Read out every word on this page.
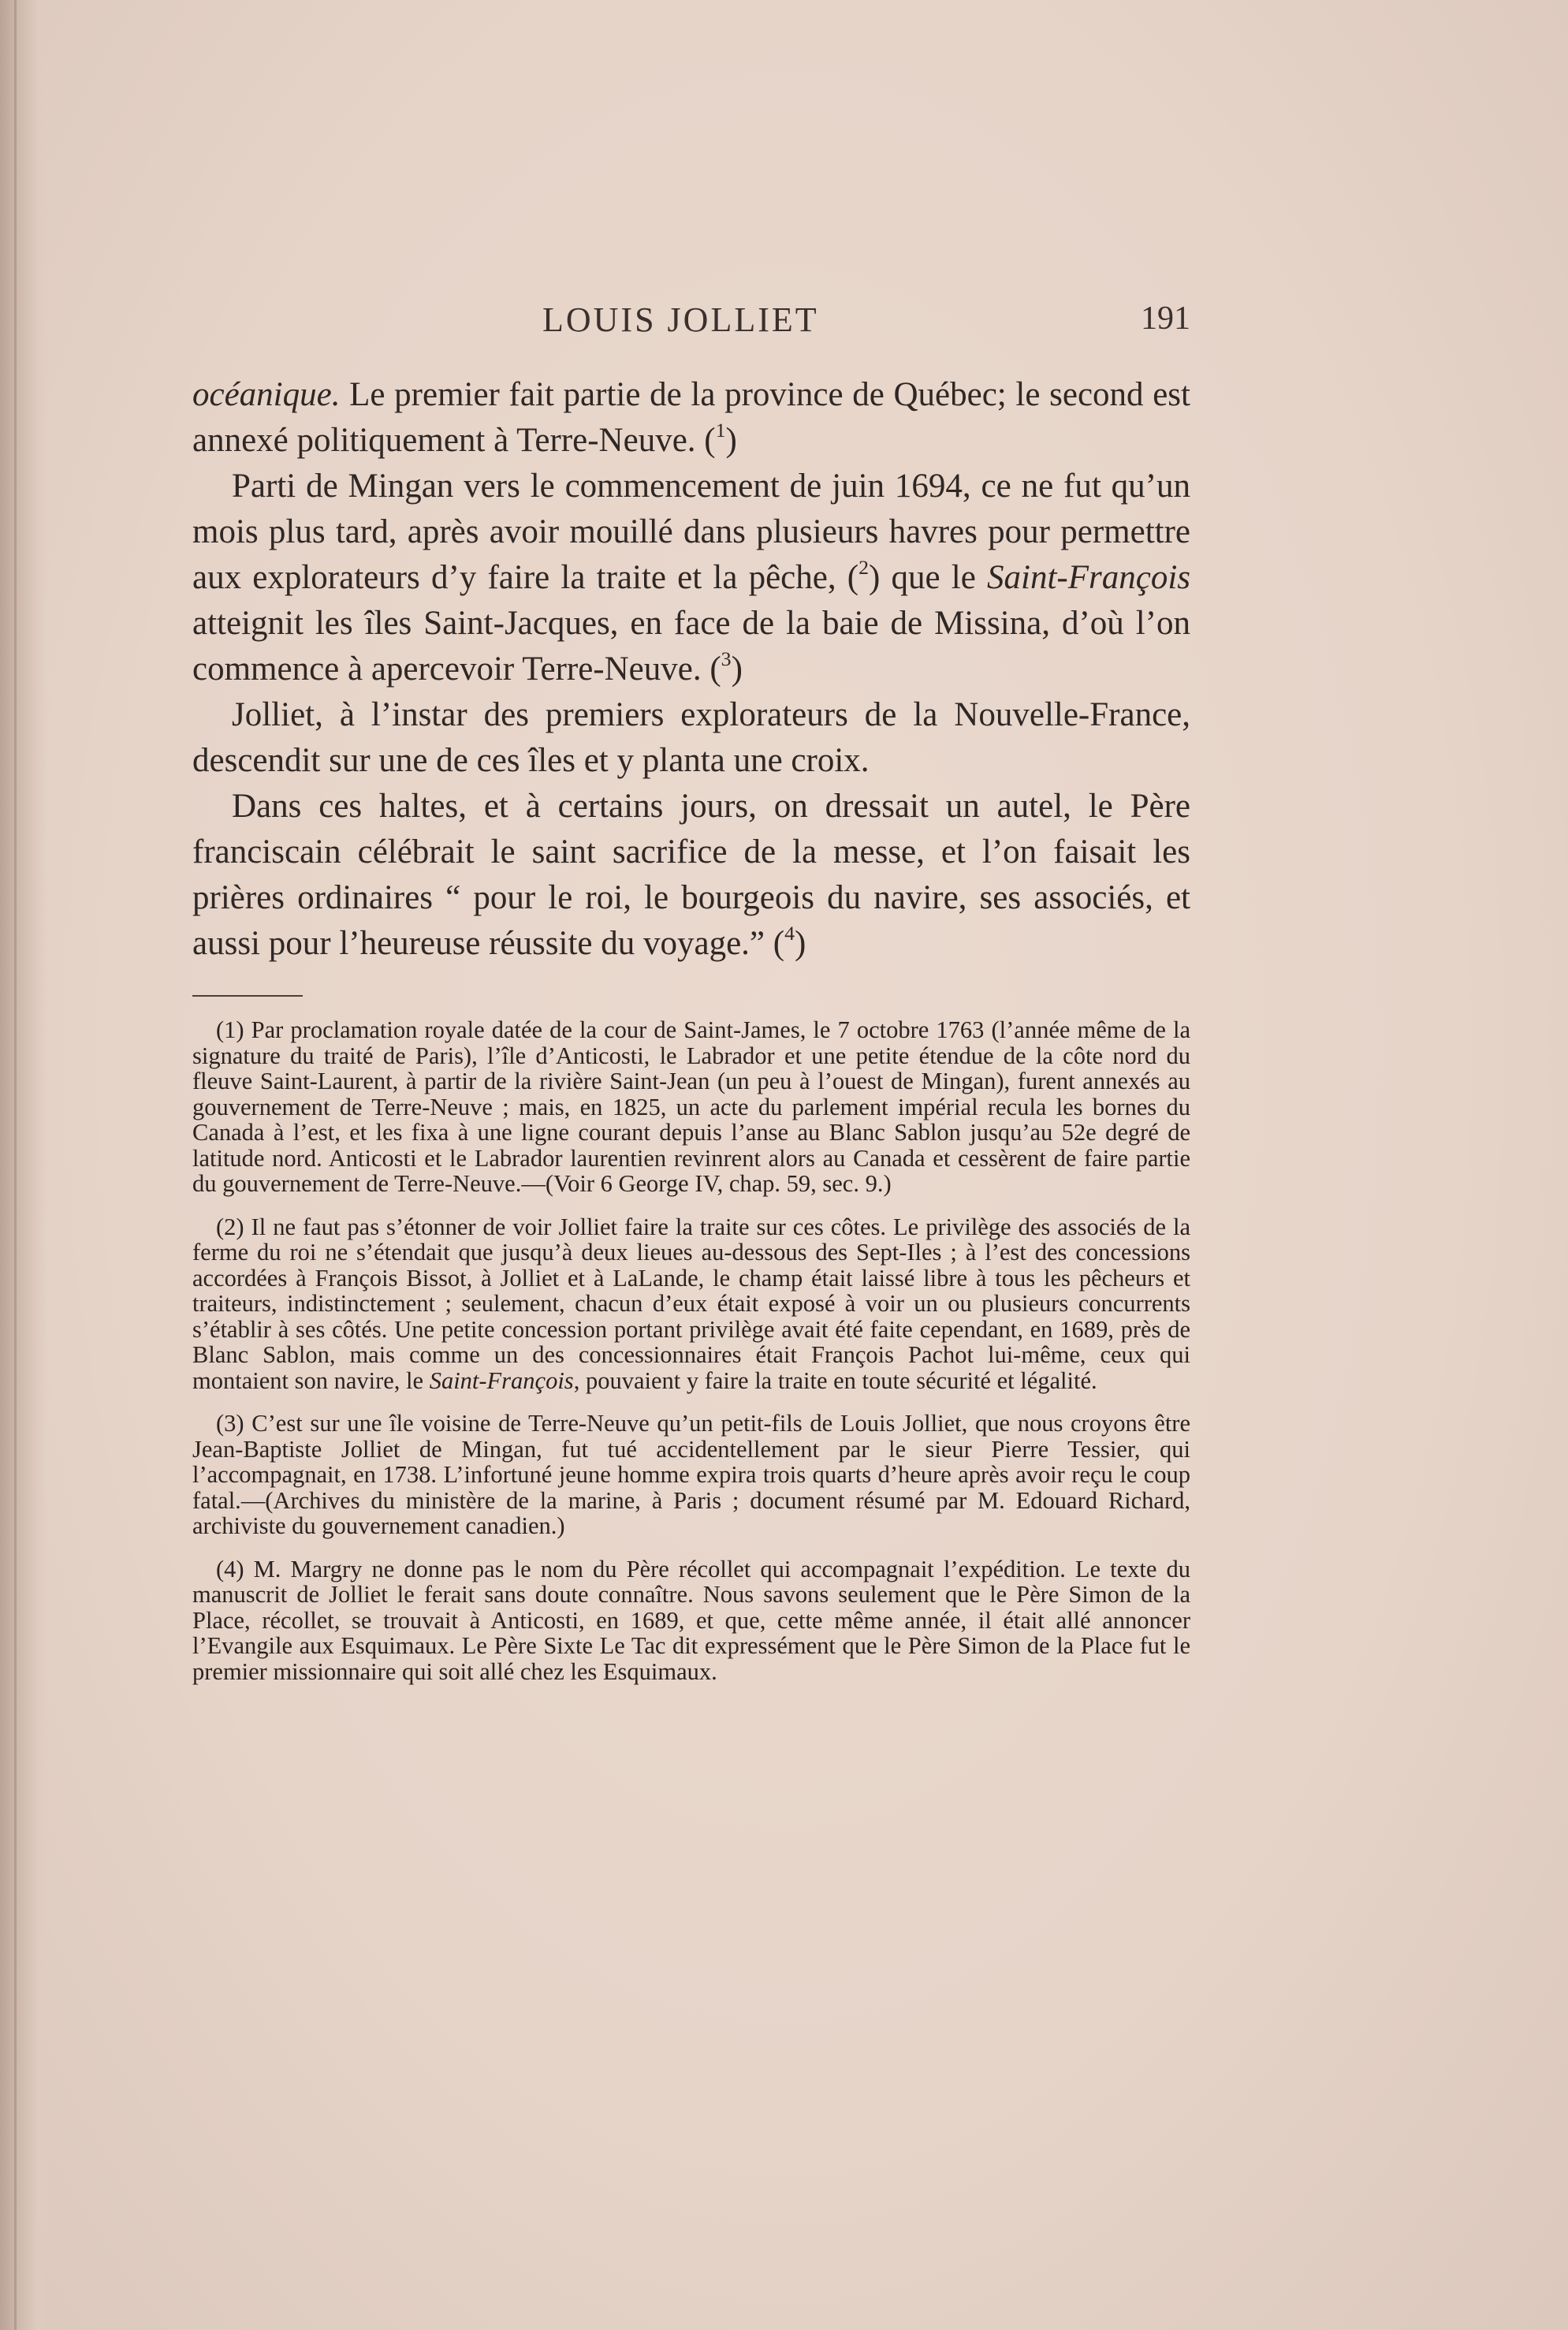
LOUIS JOLLIET	191

océanique. Le premier fait partie de la province de Québec; le second est annexé politiquement à Terre-Neuve. ($^1$)

Parti de Mingan vers le commencement de juin 1694, ce ne fut qu’un mois plus tard, après avoir mouillé dans plusieurs havres pour permettre aux explorateurs d’y faire la traite et la pêche, ($^2$) que le Saint-François atteignit les îles Saint-Jacques, en face de la baie de Missina, d’où l’on commence à apercevoir Terre-Neuve. ($^3$)

Jolliet, à l’instar des premiers explorateurs de la Nouvelle-France, descendit sur une de ces îles et y planta une croix.

Dans ces haltes, et à certains jours, on dressait un autel, le Père franciscain célébrait le saint sacrifice de la messe, et l’on faisait les prières ordinaires “ pour le roi, le bourgeois du navire, ses associés, et aussi pour l’heureuse réussite du voyage.” ($^4$)

(1) Par proclamation royale datée de la cour de Saint-James, le 7 octobre 1763 (l’année même de la signature du traité de Paris), l’île d’Anticosti, le Labrador et une petite étendue de la côte nord du fleuve Saint-Laurent, à partir de la rivière Saint-Jean (un peu à l’ouest de Mingan), furent annexés au gouvernement de Terre-Neuve ; mais, en 1825, un acte du parlement impérial recula les bornes du Canada à l’est, et les fixa à une ligne courant depuis l’anse au Blanc Sablon jusqu’au 52e degré de latitude nord. Anticosti et le Labrador laurentien revinrent alors au Canada et cessèrent de faire partie du gouvernement de Terre-Neuve.—(Voir 6 George IV, chap. 59, sec. 9.)

(2) Il ne faut pas s’étonner de voir Jolliet faire la traite sur ces côtes. Le privilège des associés de la ferme du roi ne s’étendait que jusqu’à deux lieues au-dessous des Sept-Iles ; à l’est des concessions accordées à François Bissot, à Jolliet et à LaLande, le champ était laissé libre à tous les pêcheurs et traiteurs, indistinctement ; seulement, chacun d’eux était exposé à voir un ou plusieurs concurrents s’établir à ses côtés. Une petite concession portant privilège avait été faite cependant, en 1689, près de Blanc Sablon, mais comme un des concessionnaires était François Pachot lui-même, ceux qui montaient son navire, le Saint-François, pouvaient y faire la traite en toute sécurité et légalité.

(3) C’est sur une île voisine de Terre-Neuve qu’un petit-fils de Louis Jolliet, que nous croyons être Jean-Baptiste Jolliet de Mingan, fut tué accidentellement par le sieur Pierre Tessier, qui l’accompagnait, en 1738. L’infortuné jeune homme expira trois quarts d’heure après avoir reçu le coup fatal.—(Archives du ministère de la marine, à Paris ; document résumé par M. Edouard Richard, archiviste du gouvernement canadien.)

(4) M. Margry ne donne pas le nom du Père récollet qui accompagnait l’expédition. Le texte du manuscrit de Jolliet le ferait sans doute connaître. Nous savons seulement que le Père Simon de la Place, récollet, se trouvait à Anticosti, en 1689, et que, cette même année, il était allé annoncer l’Evangile aux Esquimaux. Le Père Sixte Le Tac dit expressément que le Père Simon de la Place fut le premier missionnaire qui soit allé chez les Esquimaux.
